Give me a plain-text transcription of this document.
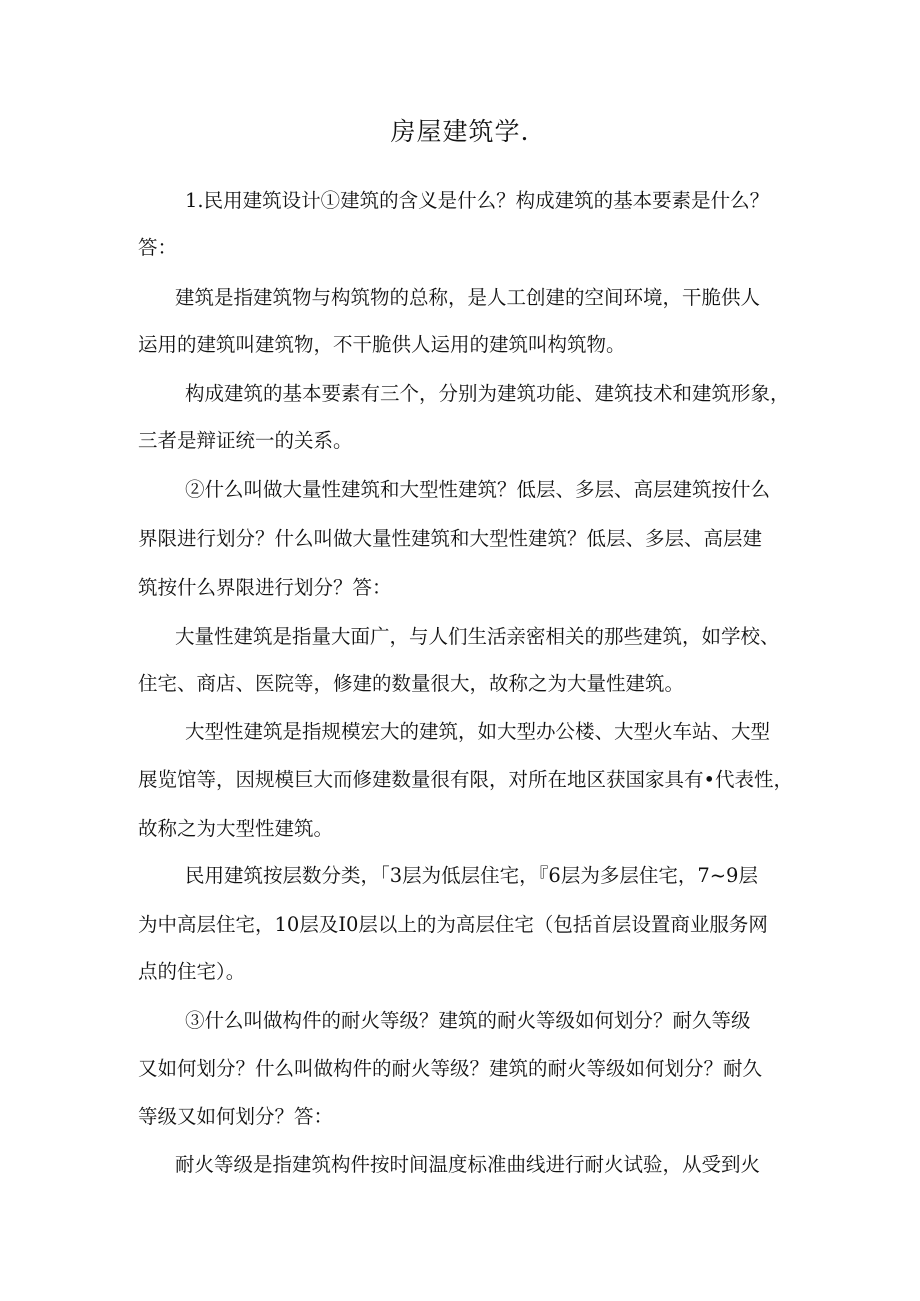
房屋建筑学.

1.民用建筑设计①建筑的含义是什么？构成建筑的基本要素是什么？

答：

建筑是指建筑物与构筑物的总称，是人工创建的空间环境，干脆供人

运用的建筑叫建筑物，不干脆供人运用的建筑叫构筑物。

构成建筑的基本要素有三个，分别为建筑功能、建筑技术和建筑形象，

三者是辩证统一的关系。

②什么叫做大量性建筑和大型性建筑？低层、多层、高层建筑按什么

界限进行划分？什么叫做大量性建筑和大型性建筑？低层、多层、高层建

筑按什么界限进行划分？答：

大量性建筑是指量大面广，与人们生活亲密相关的那些建筑，如学校、

住宅、商店、医院等，修建的数量很大，故称之为大量性建筑。

大型性建筑是指规模宏大的建筑，如大型办公楼、大型火车站、大型

展览馆等，因规模巨大而修建数量很有限，对所在地区获国家具有•代表性，

故称之为大型性建筑。

民用建筑按层数分类，「3层为低层住宅，『6层为多层住宅，7~9层

为中高层住宅，10层及I0层以上的为高层住宅（包括首层设置商业服务网

点的住宅）。

③什么叫做构件的耐火等级？建筑的耐火等级如何划分？耐久等级

又如何划分？什么叫做构件的耐火等级？建筑的耐火等级如何划分？耐久

等级又如何划分？答：

耐火等级是指建筑构件按时间温度标准曲线进行耐火试验，从受到火
